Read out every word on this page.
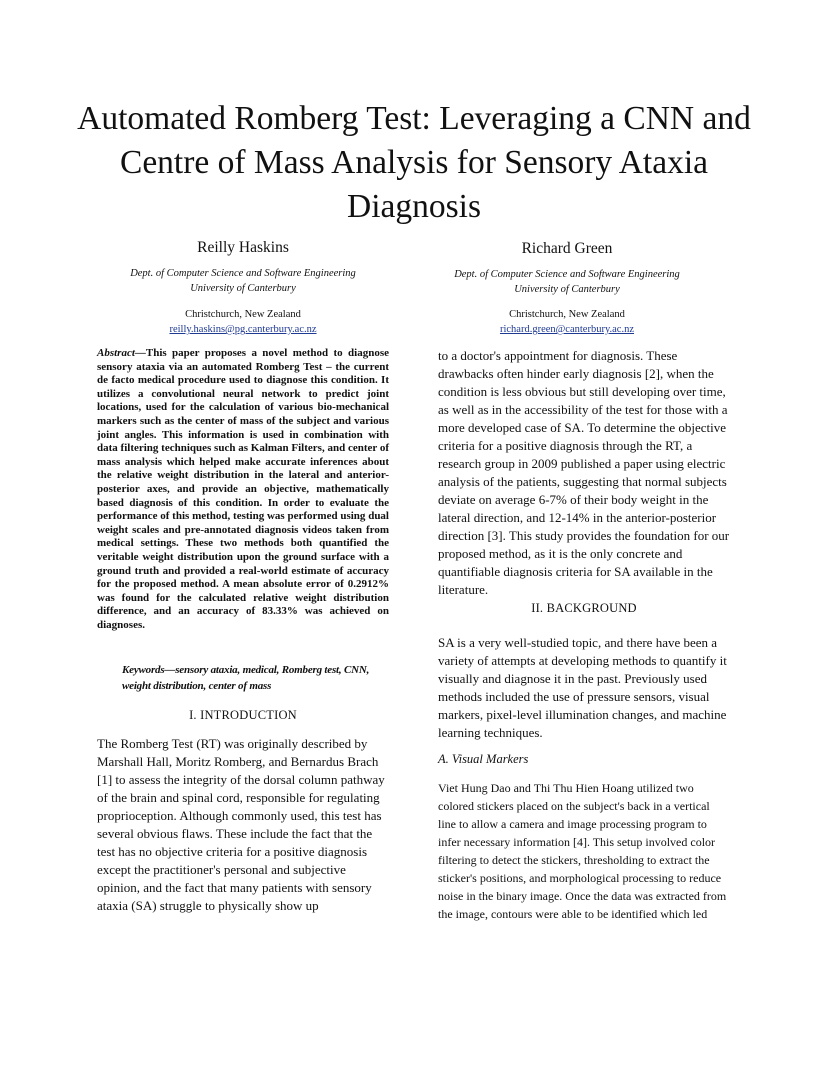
Automated Romberg Test: Leveraging a CNN and Centre of Mass Analysis for Sensory Ataxia Diagnosis
Reilly Haskins	Richard Green
Dept. of Computer Science and Software Engineering
University of Canterbury
Dept. of Computer Science and Software Engineering
University of Canterbury
Christchurch, New Zealand
reilly.haskins@pg.canterbury.ac.nz
Christchurch, New Zealand
richard.green@canterbury.ac.nz

Abstract—This paper proposes a novel method to diagnose sensory ataxia via an automated Romberg Test – the current de facto medical procedure used to diagnose this condition. It utilizes a convolutional neural network to predict joint locations, used for the calculation of various bio-mechanical markers such as the center of mass of the subject and various joint angles. This information is used in combination with data filtering techniques such as Kalman Filters, and center of mass analysis which helped make accurate inferences about the relative weight distribution in the lateral and anterior-posterior axes, and provide an objective, mathematically based diagnosis of this condition. In order to evaluate the performance of this method, testing was performed using dual weight scales and pre-annotated diagnosis videos taken from medical settings. These two methods both quantified the veritable weight distribution upon the ground surface with a ground truth and provided a real-world estimate of accuracy for the proposed method. A mean absolute error of 0.2912% was found for the calculated relative weight distribution difference, and an accuracy of 83.33% was achieved on diagnoses.

Keywords—sensory ataxia, medical, Romberg test, CNN, weight distribution, center of mass
I. INTRODUCTION

The Romberg Test (RT) was originally described by Marshall Hall, Moritz Romberg, and Bernardus Brach [1] to assess the integrity of the dorsal column pathway of the brain and spinal cord, responsible for regulating proprioception. Although commonly used, this test has several obvious flaws. These include the fact that the test has no objective criteria for a positive diagnosis except the practitioner's personal and subjective opinion, and the fact that many patients with sensory ataxia (SA) struggle to physically show up

to a doctor's appointment for diagnosis. These drawbacks often hinder early diagnosis [2], when the condition is less obvious but still developing over time, as well as in the accessibility of the test for those with a more developed case of SA. To determine the objective criteria for a positive diagnosis through the RT, a research group in 2009 published a paper using electric analysis of the patients, suggesting that normal subjects deviate on average 6-7% of their body weight in the lateral direction, and 12-14% in the anterior-posterior direction [3]. This study provides the foundation for our proposed method, as it is the only concrete and quantifiable diagnosis criteria for SA available in the literature.

II. BACKGROUND

SA is a very well-studied topic, and there have been a variety of attempts at developing methods to quantify it visually and diagnose it in the past. Previously used methods included the use of pressure sensors, visual markers, pixel-level illumination changes, and machine learning techniques.

A. Visual Markers

Viet Hung Dao and Thi Thu Hien Hoang utilized two colored stickers placed on the subject's back in a vertical line to allow a camera and image processing program to infer necessary information [4]. This setup involved color filtering to detect the stickers, thresholding to extract the sticker's positions, and morphological processing to reduce noise in the binary image. Once the data was extracted from the image, contours were able to be identified which led
